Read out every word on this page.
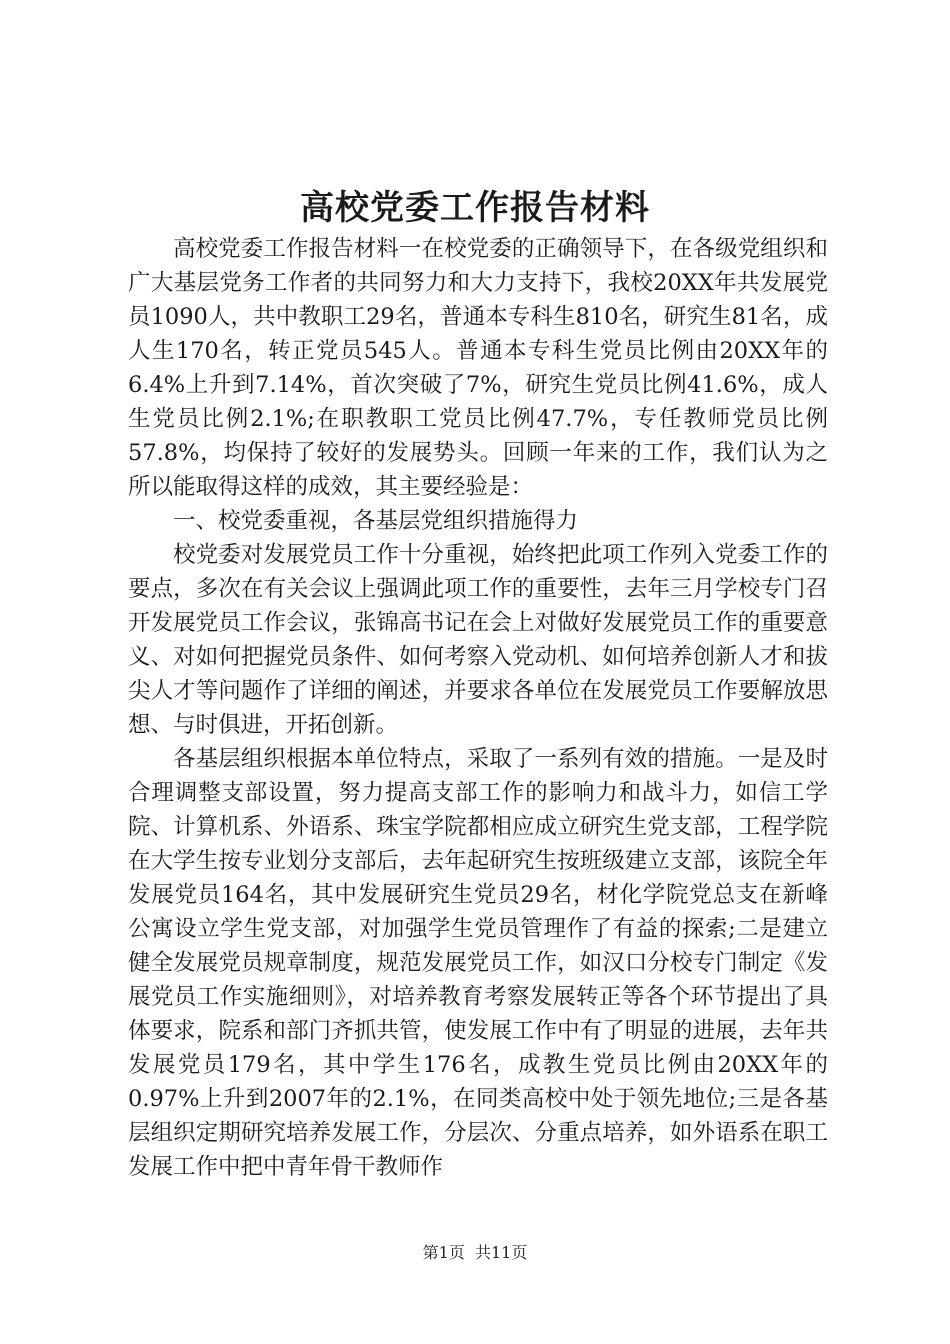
高校党委工作报告材料

高校党委工作报告材料一在校党委的正确领导下，在各级党组织和广大基层党务工作者的共同努力和大力支持下，我校20XX年共发展党员1090人，共中教职工29名，普通本专科生810名，研究生81名，成人生170名，转正党员545人。普通本专科生党员比例由20XX年的6.4%上升到7.14%，首次突破了7%，研究生党员比例41.6%，成人生党员比例2.1%;在职教职工党员比例47.7%，专任教师党员比例57.8%，均保持了较好的发展势头。回顾一年来的工作，我们认为之所以能取得这样的成效，其主要经验是：

一、校党委重视，各基层党组织措施得力

校党委对发展党员工作十分重视，始终把此项工作列入党委工作的要点，多次在有关会议上强调此项工作的重要性，去年三月学校专门召开发展党员工作会议，张锦高书记在会上对做好发展党员工作的重要意义、对如何把握党员条件、如何考察入党动机、如何培养创新人才和拔尖人才等问题作了详细的阐述，并要求各单位在发展党员工作要解放思想、与时俱进，开拓创新。

各基层组织根据本单位特点，采取了一系列有效的措施。一是及时合理调整支部设置，努力提高支部工作的影响力和战斗力，如信工学院、计算机系、外语系、珠宝学院都相应成立研究生党支部，工程学院在大学生按专业划分支部后，去年起研究生按班级建立支部，该院全年发展党员164名，其中发展研究生党员29名，材化学院党总支在新峰公寓设立学生党支部，对加强学生党员管理作了有益的探索;二是建立健全发展党员规章制度，规范发展党员工作，如汉口分校专门制定《发展党员工作实施细则》，对培养教育考察发展转正等各个环节提出了具体要求，院系和部门齐抓共管，使发展工作中有了明显的进展，去年共发展党员179名，其中学生176名，成教生党员比例由20XX年的0.97%上升到2007年的2.1%，在同类高校中处于领先地位;三是各基层组织定期研究培养发展工作，分层次、分重点培养，如外语系在职工发展工作中把中青年骨干教师作

第1页  共11页
